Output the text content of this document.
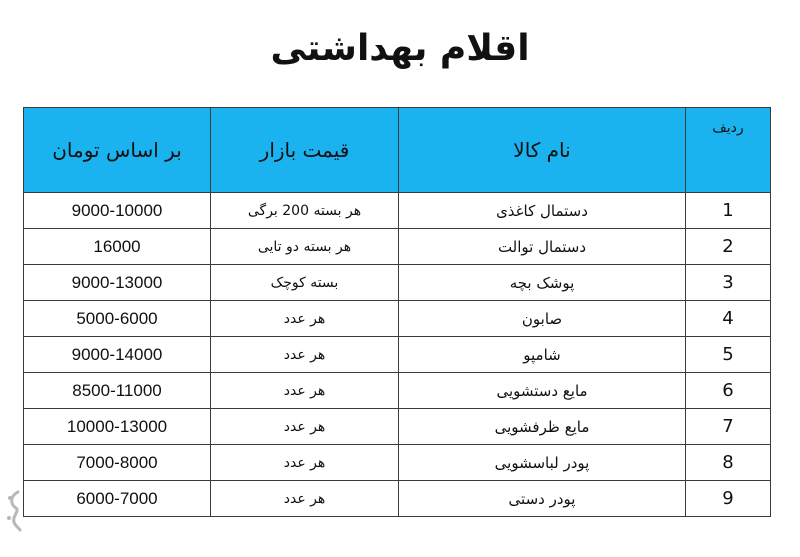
اقلام بهداشتی
ردیف	نام کالا	قیمت بازار	بر اساس تومان
1	دستمال کاغذی	هر بسته 200 برگی	9000-10000
2	دستمال توالت	هر بسته دو تایی	16000
3	پوشک بچه	بسته کوچک	9000-13000
4	صابون	هر عدد	5000-6000
5	شامپو	هر عدد	9000-14000
6	مایع دستشویی	هر عدد	8500-11000
7	مایع ظرفشویی	هر عدد	10000-13000
8	پودر لباسشویی	هر عدد	7000-8000
9	پودر دستی	هر عدد	6000-7000
